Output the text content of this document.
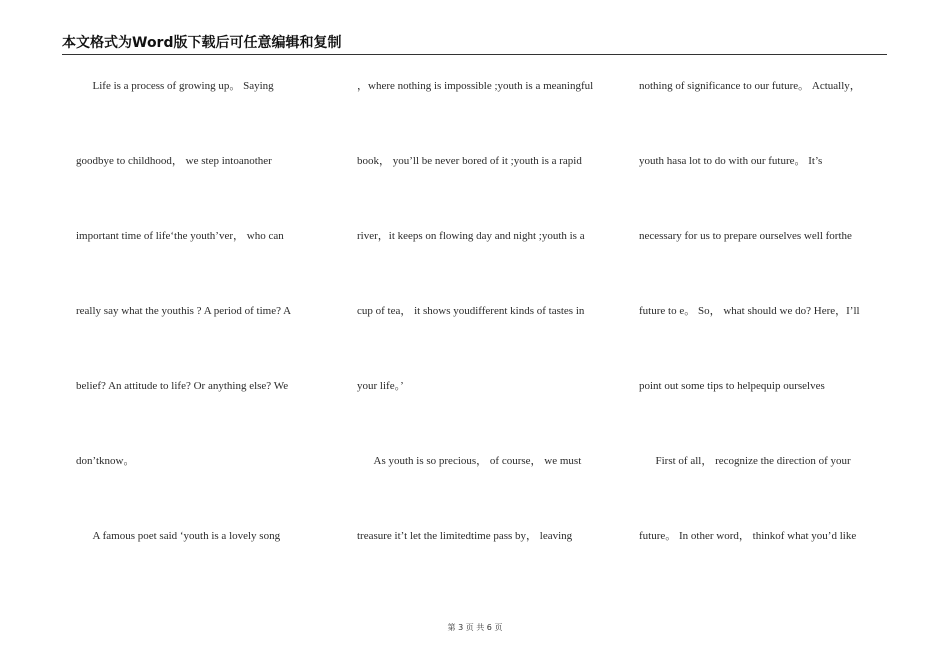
本文格式为Word版下载后可任意编辑和复制
Life is a process of growing up。 Saying
goodbye to childhood， we step intoanother
important time of life‘the youth’ver， who can
really say what the youthis ? A period of time? A
belief? An attitude to life? Or anything else? We
don’tknow。
A famous poet said ‘youth is a lovely song
，where nothing is impossible ;youth is a meaningful
book， you’ll be never bored of it ;youth is a rapid
river，it keeps on flowing day and night ;youth is a
cup of tea， it shows youdifferent kinds of tastes in
your life。’
As youth is so precious， of course， we must
treasure it’t let the limitedtime pass by， leaving
nothing of significance to our future。 Actually，
youth hasa lot to do with our future。 It’s
necessary for us to prepare ourselves well forthe
future to e。 So， what should we do? Here，I’ll
point out some tips to helpequip ourselves
First of all， recognize the direction of your
future。 In other word， thinkof what you’d like
第 3 页 共 6 页
